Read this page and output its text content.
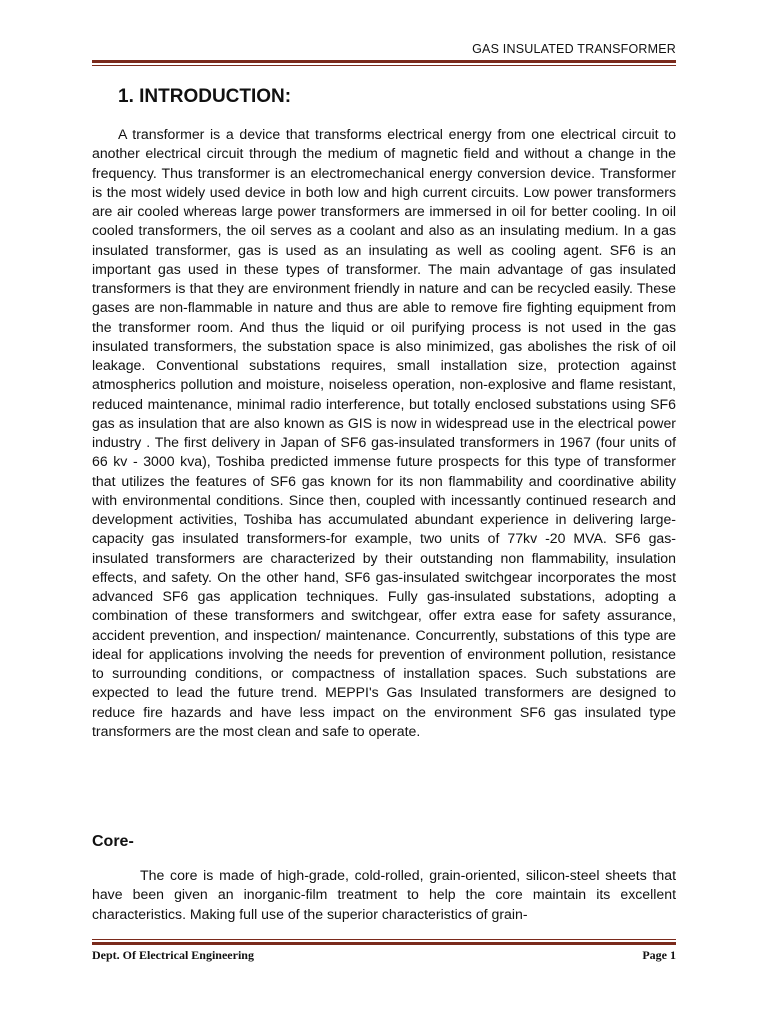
GAS INSULATED TRANSFORMER
1. INTRODUCTION:

A transformer is a device that transforms electrical energy from one electrical circuit to another electrical circuit through the medium of magnetic field and without a change in the frequency. Thus transformer is an electromechanical energy conversion device. Transformer is the most widely used device in both low and high current circuits. Low power transformers are air cooled whereas large power transformers are immersed in oil for better cooling. In oil cooled transformers, the oil serves as a coolant and also as an insulating medium. In a gas insulated transformer, gas is used as an insulating as well as cooling agent. SF6 is an important gas used in these types of transformer. The main advantage of gas insulated transformers is that they are environment friendly in nature and can be recycled easily. These gases are non-flammable in nature and thus are able to remove fire fighting equipment from the transformer room. And thus the liquid or oil purifying process is not used in the gas insulated transformers, the substation space is also minimized, gas abolishes the risk of oil leakage. Conventional substations requires, small installation size, protection against atmospherics pollution and moisture, noiseless operation, non-explosive and flame resistant, reduced maintenance, minimal radio interference, but totally enclosed substations using SF6 gas as insulation that are also known as GIS is now in widespread use in the electrical power industry . The first delivery in Japan of SF6 gas-insulated transformers in 1967 (four units of 66 kv - 3000 kva), Toshiba predicted immense future prospects for this type of transformer that utilizes the features of SF6 gas known for its non flammability and coordinative ability with environmental conditions. Since then, coupled with incessantly continued research and development activities, Toshiba has accumulated abundant experience in delivering large-capacity gas insulated transformers-for example, two units of 77kv -20 MVA. SF6 gas-insulated transformers are characterized by their outstanding non flammability, insulation effects, and safety. On the other hand, SF6 gas-insulated switchgear incorporates the most advanced SF6 gas application techniques. Fully gas-insulated substations, adopting a combination of these transformers and switchgear, offer extra ease for safety assurance, accident prevention, and inspection/ maintenance. Concurrently, substations of this type are ideal for applications involving the needs for prevention of environment pollution, resistance to surrounding conditions, or compactness of installation spaces. Such substations are expected to lead the future trend. MEPPI's Gas Insulated transformers are designed to reduce fire hazards and have less impact on the environment SF6 gas insulated type transformers are the most clean and safe to operate.

Core-

The core is made of high-grade, cold-rolled, grain-oriented, silicon-steel sheets that have been given an inorganic-film treatment to help the core maintain its excellent characteristics. Making full use of the superior characteristics of grain-

Dept. Of Electrical Engineering	Page 1
